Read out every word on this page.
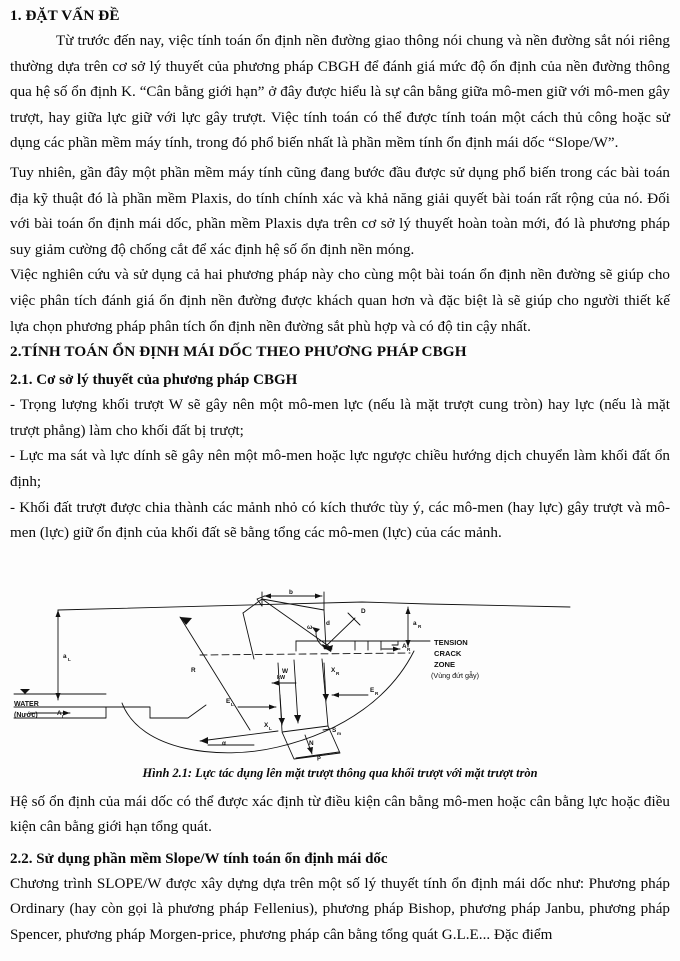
1. ĐẶT VẤN ĐỀ

Từ trước đến nay, việc tính toán ổn định nền đường giao thông nói chung và nền đường sắt nói riêng thường dựa trên cơ sở lý thuyết của phương pháp CBGH để đánh giá mức độ ổn định của nền đường thông qua hệ số ổn định K. “Cân bằng giới hạn” ở đây được hiểu là sự cân bằng giữa mô-men giữ với mô-men gây trượt, hay giữa lực giữ với lực gây trượt. Việc tính toán có thể được tính toán một cách thủ công hoặc sử dụng các phần mềm máy tính, trong đó phổ biến nhất là phần mềm tính ổn định mái dốc “Slope/W”.

Tuy nhiên, gần đây một phần mềm máy tính cũng đang bước đầu được sử dụng phổ biến trong các bài toán địa kỹ thuật đó là phần mềm Plaxis, do tính chính xác và khả năng giải quyết bài toán rất rộng của nó. Đối với bài toán ổn định mái dốc, phần mềm Plaxis dựa trên cơ sở lý thuyết hoàn toàn mới, đó là phương pháp suy giảm cường độ chống cắt để xác định hệ số ổn định nền móng.

Việc nghiên cứu và sử dụng cả hai phương pháp này cho cùng một bài toán ổn định nền đường sẽ giúp cho việc phân tích đánh giá ổn định nền đường được khách quan hơn và đặc biệt là sẽ giúp cho người thiết kế lựa chọn phương pháp phân tích ổn định nền đường sắt phù hợp và có độ tin cậy nhất.

2.TÍNH TOÁN ỔN ĐỊNH MÁI DỐC THEO PHƯƠNG PHÁP CBGH
2.1. Cơ sở lý thuyết của phương pháp CBGH

- Trọng lượng khối trượt W sẽ gây nên một mô-men lực (nếu là mặt trượt cung tròn) hay lực (nếu là mặt trượt phẳng) làm cho khối đất bị trượt;

- Lực ma sát và lực dính sẽ gây nên một mô-men hoặc lực ngược chiều hướng dịch chuyển làm khối đất ổn định;

- Khối đất trượt được chia thành các mảnh nhỏ có kích thước tùy ý, các mô-men (hay lực) gây trượt và mô-men (lực) giữ ổn định của khối đất sẽ bằng tổng các mô-men (lực) của các mảnh.

b
d
D
ω
R	W
kW
E L
E R
X L
X R
S m
N
α
β
a L
a R
A L
A R
WATER
(Nước)
TENSION
CRACK
ZONE
(Vùng đứt gẫy)
Hình 2.1: Lực tác dụng lên mặt trượt thông qua khối trượt với mặt trượt tròn

Hệ số ổn định của mái dốc có thể được xác định từ điều kiện cân bằng mô-men hoặc cân bằng lực hoặc điều kiện cân bằng giới hạn tổng quát.

2.2. Sử dụng phần mềm Slope/W tính toán ổn định mái dốc

Chương trình SLOPE/W được xây dựng dựa trên một số lý thuyết tính ổn định mái dốc như: Phương pháp Ordinary (hay còn gọi là phương pháp Fellenius), phương pháp Bishop, phương pháp Janbu, phương pháp Spencer, phương pháp Morgen-price, phương pháp cân bằng tổng quát G.L.E... Đặc điểm
